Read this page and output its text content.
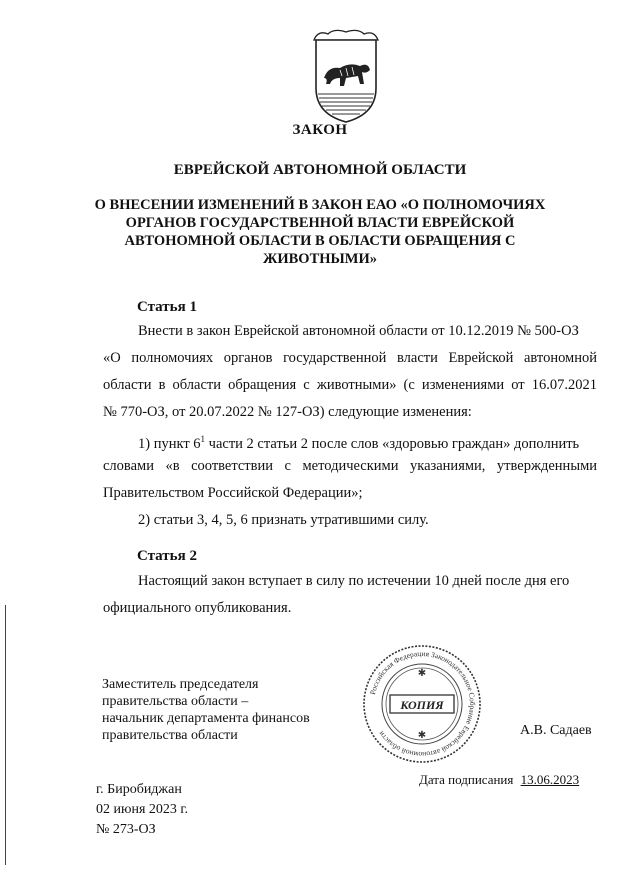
ЗАКОН
ЕВРЕЙСКОЙ АВТОНОМНОЙ ОБЛАСТИ
О ВНЕСЕНИИ ИЗМЕНЕНИЙ В ЗАКОН ЕАО «О ПОЛНОМОЧИЯХ
ОРГАНОВ ГОСУДАРСТВЕННОЙ ВЛАСТИ ЕВРЕЙСКОЙ
АВТОНОМНОЙ ОБЛАСТИ В ОБЛАСТИ ОБРАЩЕНИЯ С
ЖИВОТНЫМИ»
Статья 1
Внести в закон Еврейской автономной области от 10.12.2019 № 500-ОЗ
«О полномочиях органов государственной власти Еврейской автономной
области в области обращения с животными» (с изменениями от 16.07.2021
№ 770-ОЗ, от 20.07.2022 № 127-ОЗ) следующие изменения:
1) пункт $6^1$ части 2 статьи 2 после слов «здоровью граждан» дополнить
словами «в соответствии с методическими указаниями, утвержденными
Правительством Российской Федерации»;
2) статьи 3, 4, 5, 6 признать утратившими силу.
Статья 2
Настоящий закон вступает в силу по истечении 10 дней после дня его
официального опубликования.
Заместитель председателя
правительства области –
начальник департамента финансов
правительства области
Российская Федерация Законодательное Собрание Еврейской автономной области
КОПИЯ
✱
✱	А.В. Садаев
г. Биробиджан
02 июня 2023 г.
№ 273-ОЗ
Дата подписания 13.06.2023
